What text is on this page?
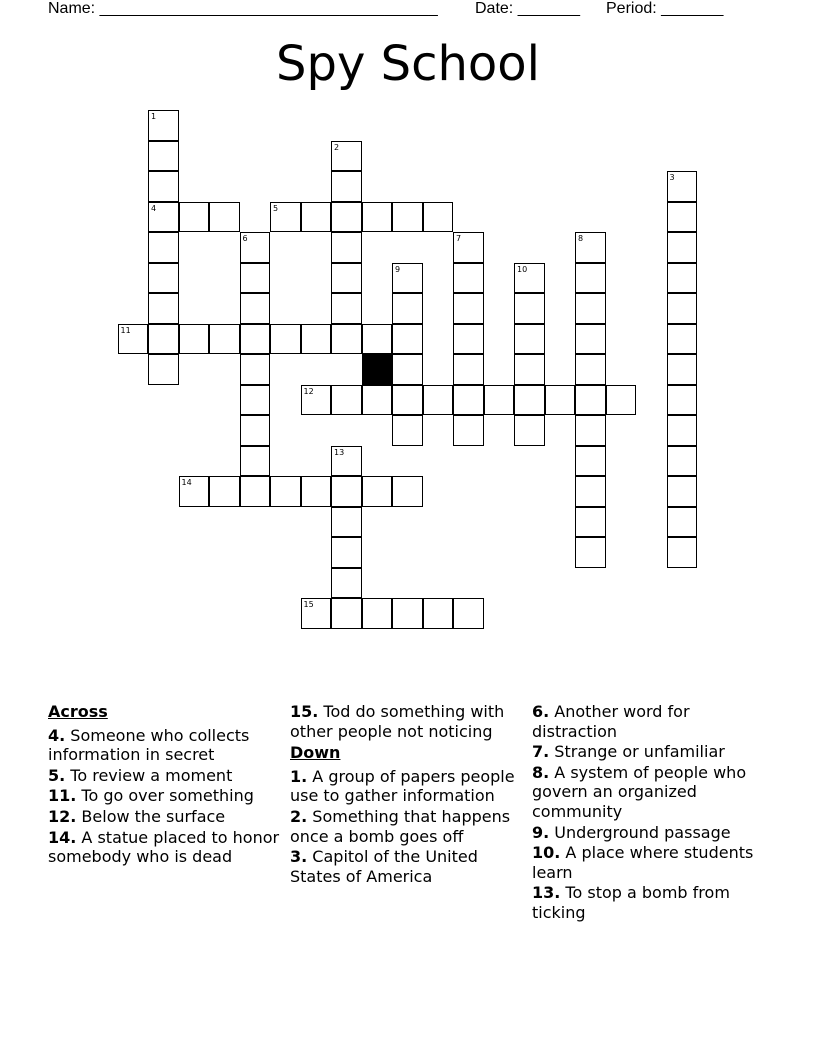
Name: ______________________________________ Date: _______ Period: _______
Spy School
1
4	5
2
3
6	7	8
9	10
11
12
13
14
15
Across
4. Someone who collects information in secret
5. To review a moment
11. To go over something
12. Below the surface
14. A statue placed to honor somebody who is dead
15. Tod do something with other people not noticing
Down
1. A group of papers people use to gather information
2. Something that happens once a bomb goes off
3. Capitol of the United States of America
6. Another word for distraction
7. Strange or unfamiliar
8. A system of people who govern an organized community
9. Underground passage
10. A place where students learn
13. To stop a bomb from ticking
